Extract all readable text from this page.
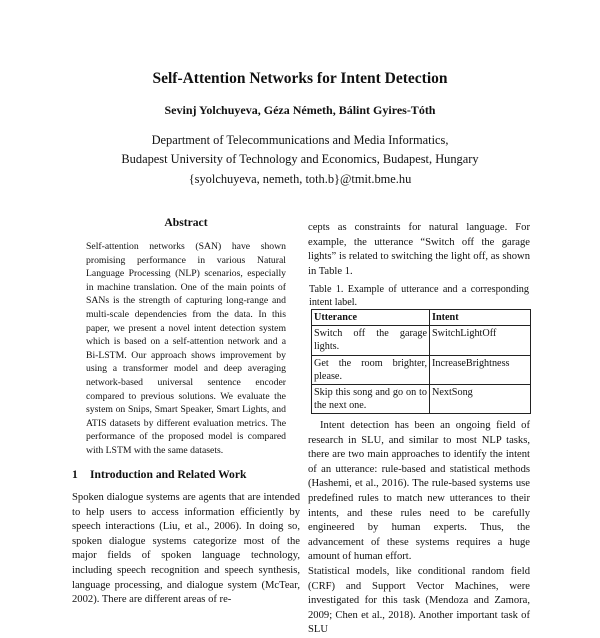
Self-Attention Networks for Intent Detection
Sevinj Yolchuyeva, Géza Németh, Bálint Gyires-Tóth
Department of Telecommunications and Media Informatics,
Budapest University of Technology and Economics, Budapest, Hungary
{syolchuyeva, nemeth, toth.b}@tmit.bme.hu
Abstract
Self-attention networks (SAN) have shown promising performance in various Natural Language Processing (NLP) scenarios, especially in machine translation. One of the main points of SANs is the strength of capturing long-range and multi-scale dependencies from the data. In this paper, we present a novel intent detection system which is based on a self-attention network and a Bi-LSTM. Our approach shows improvement by using a transformer model and deep averaging network-based universal sentence encoder compared to previous solutions. We evaluate the system on Snips, Smart Speaker, Smart Lights, and ATIS datasets by different evaluation metrics. The performance of the proposed model is compared with LSTM with the same datasets.
1 Introduction and Related Work

Spoken dialogue systems are agents that are intended to help users to access information efficiently by speech interactions (Liu, et al., 2006). In doing so, spoken dialogue systems categorize most of the major fields of spoken language technology, including speech recognition and speech synthesis, language processing, and dialogue system (McTear, 2002). There are different areas of re-

cepts as constraints for natural language. For example, the utterance “Switch off the garage lights” is related to switching the light off, as shown in Table 1.

Table 1. Example of utterance and a corresponding intent label.
Utterance	Intent
Switch off the garage lights.	SwitchLightOff
Get the room brighter, please.	IncreaseBrightness
Skip this song and go on to the next one.	NextSong

Intent detection has been an ongoing field of research in SLU, and similar to most NLP tasks, there are two main approaches to identify the intent of an utterance: rule-based and statistical methods (Hashemi, et al., 2016). The rule-based systems use predefined rules to match new utterances to their intents, and these rules need to be carefully engineered by human experts. Thus, the advancement of these systems requires a huge amount of human effort.

Statistical models, like conditional random field (CRF) and Support Vector Machines, were investigated for this task (Mendoza and Zamora, 2009; Chen et al., 2018). Another important task of SLU
